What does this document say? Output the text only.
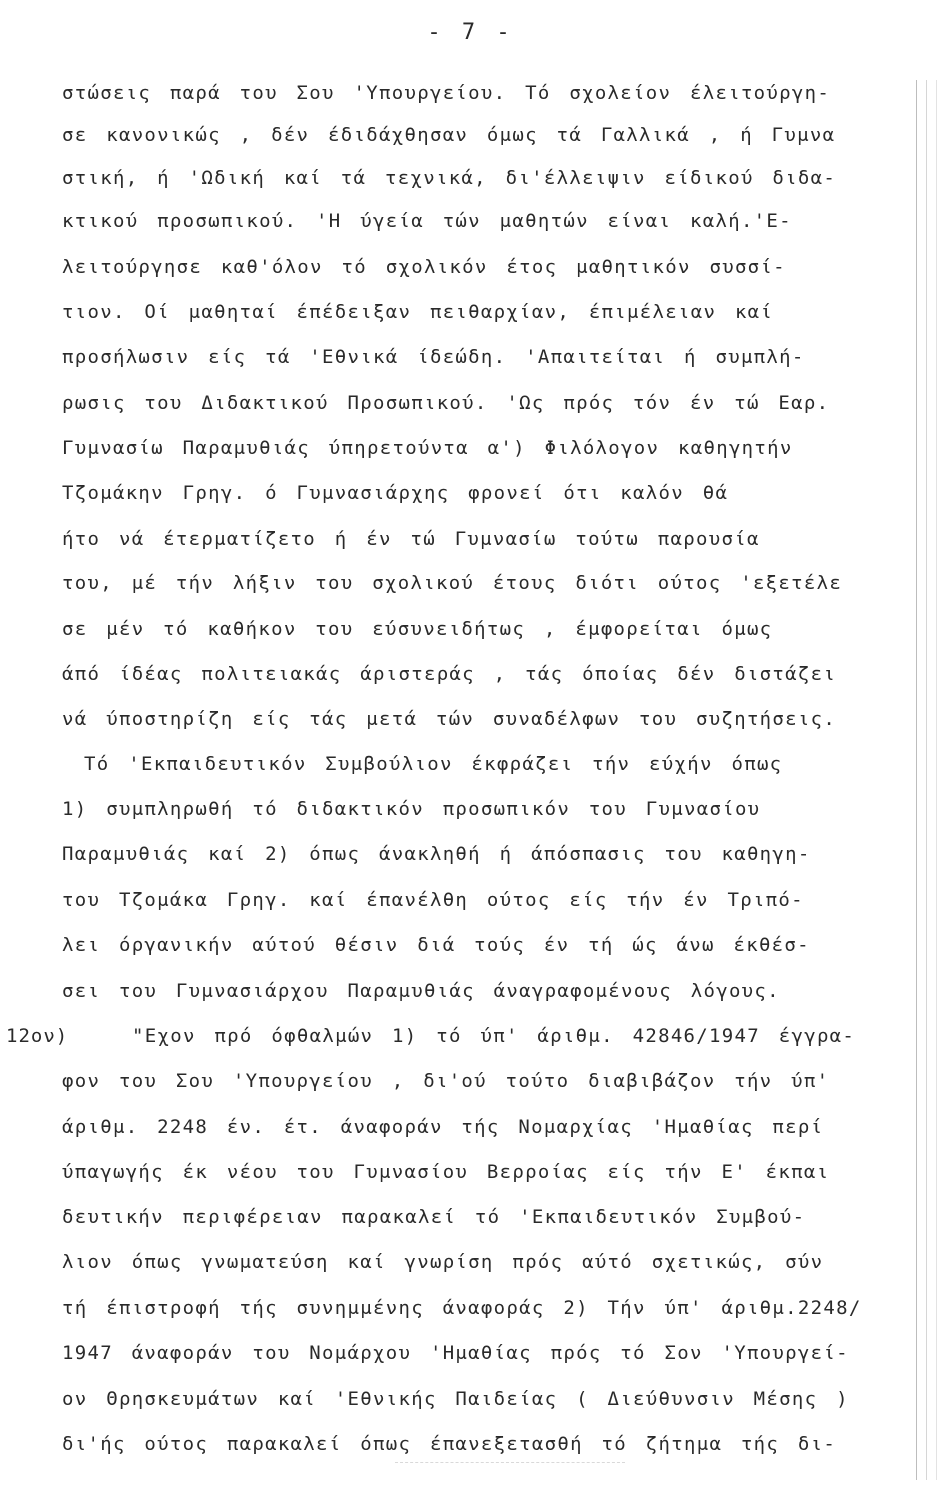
- 7 -
στώσεις παρά του Σου 'Υπουργείου. Τό σχολείον έλειτούργη-
σε κανονικώς , δέν έδιδάχθησαν όμως τά Γαλλικά , ή Γυμνα
στική, ή 'Ωδική καί τά τεχνικά, δι'έλλειψιν είδικού διδα-
κτικού προσωπικού. 'Η ύγεία τών μαθητών είναι καλή.'Ε-
λειτούργησε καθ'όλον τό σχολικόν έτος μαθητικόν συσσί-
τιον. Οί μαθηταί έπέδειξαν πειθαρχίαν, έπιμέλειαν καί
προσήλωσιν είς τά 'Εθνικά ίδεώδη. 'Απαιτείται ή συμπλή-
ρωσις του Διδακτικού Προσωπικού. 'Ως πρός τόν έν τώ Εαρ.
Γυμνασίω Παραμυθιάς ύπηρετούντα α') Φιλόλογον καθηγητήν
Τζομάκην Γρηγ. ό Γυμνασιάρχης φρονεί ότι καλόν θά
ήτο νά έτερματίζετο ή έν τώ Γυμνασίω τούτω παρουσία
του, μέ τήν λήξιν του σχολικού έτους διότι ούτος 'εξετέλε
σε μέν τό καθήκον του εύσυνειδήτως , έμφορείται όμως
άπό ίδέας πολιτειακάς άριστεράς , τάς όποίας δέν διστάζει
νά ύποστηρίζη είς τάς μετά τών συναδέλφων του συζητήσεις.
Τό 'Εκπαιδευτικόν Συμβούλιον έκφράζει τήν εύχήν όπως
1) συμπληρωθή τό διδακτικόν προσωπικόν του Γυμνασίου
Παραμυθιάς καί 2) όπως άνακληθή ή άπόσπασις του καθηγη-
του Τζομάκα Γρηγ. καί έπανέλθη ούτος είς τήν έν Τριπό-
λει όργανικήν αύτού θέσιν διά τούς έν τή ώς άνω έκθέσ-
σει του Γυμνασιάρχου Παραμυθιάς άναγραφομένους λόγους.
12ον)	"Εχον πρό όφθαλμών 1) τό ύπ' άριθμ. 42846/1947 έγγρα-
φον του Σου 'Υπουργείου , δι'ού τούτο διαβιβάζον τήν ύπ'
άριθμ. 2248 έν. έτ. άναφοράν τής Νομαρχίας 'Ημαθίας περί
ύπαγωγής έκ νέου του Γυμνασίου Βερροίας είς τήν Ε' έκπαι
δευτικήν περιφέρειαν παρακαλεί τό 'Εκπαιδευτικόν Συμβού-
λιον όπως γνωματεύση καί γνωρίση πρός αύτό σχετικώς, σύν
τή έπιστροφή τής συνημμένης άναφοράς 2) Τήν ύπ' άριθμ.2248/
1947 άναφοράν του Νομάρχου 'Ημαθίας πρός τό Σον 'Υπουργεί-
ον Θρησκευμάτων καί 'Εθνικής Παιδείας ( Διεύθυνσιν Μέσης )
δι'ής ούτος παρακαλεί όπως έπανεξετασθή τό ζήτημα τής δι-
